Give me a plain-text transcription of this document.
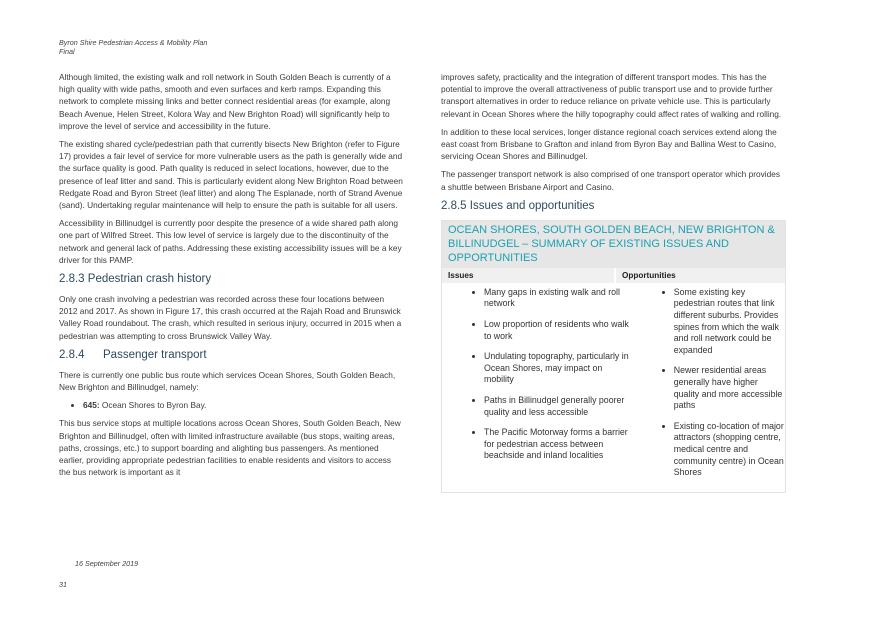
Byron Shire Pedestrian Access & Mobility Plan
Final

Although limited, the existing walk and roll network in South Golden Beach is currently of a high quality with wide paths, smooth and even surfaces and kerb ramps. Expanding this network to complete missing links and better connect residential areas (for example, along Beach Avenue, Helen Street, Kolora Way and New Brighton Road) will significantly help to improve the level of service and accessibility in the future.

The existing shared cycle/pedestrian path that currently bisects New Brighton (refer to Figure 17) provides a fair level of service for more vulnerable users as the path is generally wide and the surface quality is good. Path quality is reduced in select locations, however, due to the presence of leaf litter and sand. This is particularly evident along New Brighton Road between Redgate Road and Byron Street (leaf litter) and along The Esplanade, north of Strand Avenue (sand). Undertaking regular maintenance will help to ensure the path is suitable for all users.

Accessibility in Billinudgel is currently poor despite the presence of a wide shared path along one part of Wilfred Street. This low level of service is largely due to the discontinuity of the network and general lack of paths. Addressing these existing accessibility issues will be a key driver for this PAMP.

2.8.3 Pedestrian crash history

Only one crash involving a pedestrian was recorded across these four locations between 2012 and 2017. As shown in Figure 17, this crash occurred at the Rajah Road and Brunswick Valley Road roundabout. The crash, which resulted in serious injury, occurred in 2015 when a pedestrian was attempting to cross Brunswick Valley Way.

2.8.4 Passenger transport

There is currently one public bus route which services Ocean Shores, South Golden Beach, New Brighton and Billinudgel, namely:

• 645: Ocean Shores to Byron Bay.

This bus service stops at multiple locations across Ocean Shores, South Golden Beach, New Brighton and Billinudgel, often with limited infrastructure available (bus stops, waiting areas, paths, crossings, etc.) to support boarding and alighting bus passengers. As mentioned earlier, providing appropriate pedestrian facilities to enable residents and visitors to access the bus network is important as it

improves safety, practicality and the integration of different transport modes. This has the potential to improve the overall attractiveness of public transport use and to provide further transport alternatives in order to reduce reliance on private vehicle use. This is particularly relevant in Ocean Shores where the hilly topography could affect rates of walking and rolling.

In addition to these local services, longer distance regional coach services extend along the east coast from Brisbane to Grafton and inland from Byron Bay and Ballina West to Casino, servicing Ocean Shores and Billinudgel.

The passenger transport network is also comprised of one transport operator which provides a shuttle between Brisbane Airport and Casino.

2.8.5 Issues and opportunities
OCEAN SHORES, SOUTH GOLDEN BEACH, NEW BRIGHTON & BILLINUDGEL – SUMMARY OF EXISTING ISSUES AND OPPORTUNITIES
Issues	Opportunities
• Many gaps in existing walk and roll network
• Low proportion of residents who walk to work
• Undulating topography, particularly in Ocean Shores, may impact on mobility
• Paths in Billinudgel generally poorer quality and less accessible
• The Pacific Motorway forms a barrier for pedestrian access between beachside and inland localities
• Some existing key pedestrian routes that link different suburbs. Provides spines from which the walk and roll network could be expanded
• Newer residential areas generally have higher quality and more accessible paths
• Existing co-location of major attractors (shopping centre, medical centre and community centre) in Ocean Shores
16 September 2019
31
